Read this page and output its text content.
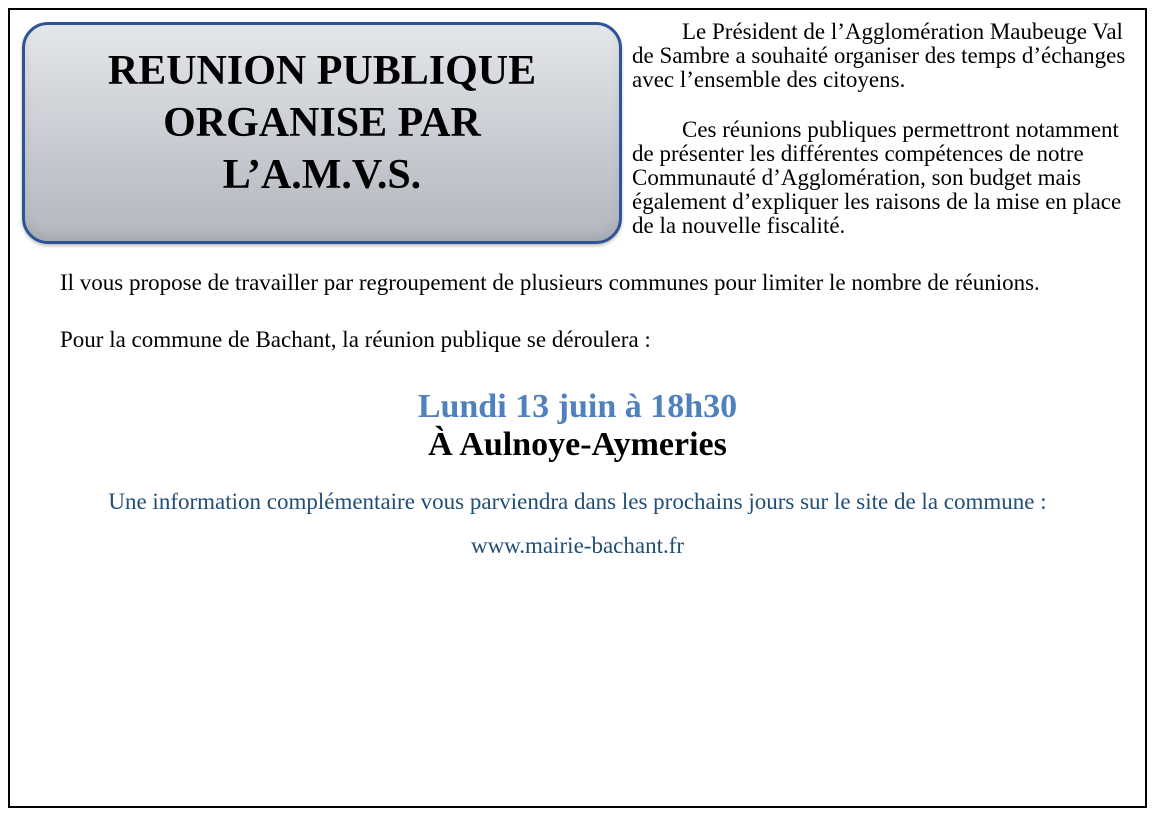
REUNION PUBLIQUE
ORGANISE PAR
L’A.M.V.S.

Le Président de l’Agglomération Maubeuge Val de Sambre a souhaité organiser des temps d’échanges avec l’ensemble des citoyens.

Ces réunions publiques permettront notamment de présenter les différentes compétences de notre Communauté d’Agglomération, son budget mais également d’expliquer les raisons de la mise en place de la nouvelle fiscalité.

Il vous propose de travailler par regroupement de plusieurs communes pour limiter le nombre de réunions.

Pour la commune de Bachant, la réunion publique se déroulera :

Lundi 13 juin à 18h30
À Aulnoye-Aymeries
Une information complémentaire vous parviendra dans les prochains jours sur le site de la commune :
www.mairie-bachant.fr
